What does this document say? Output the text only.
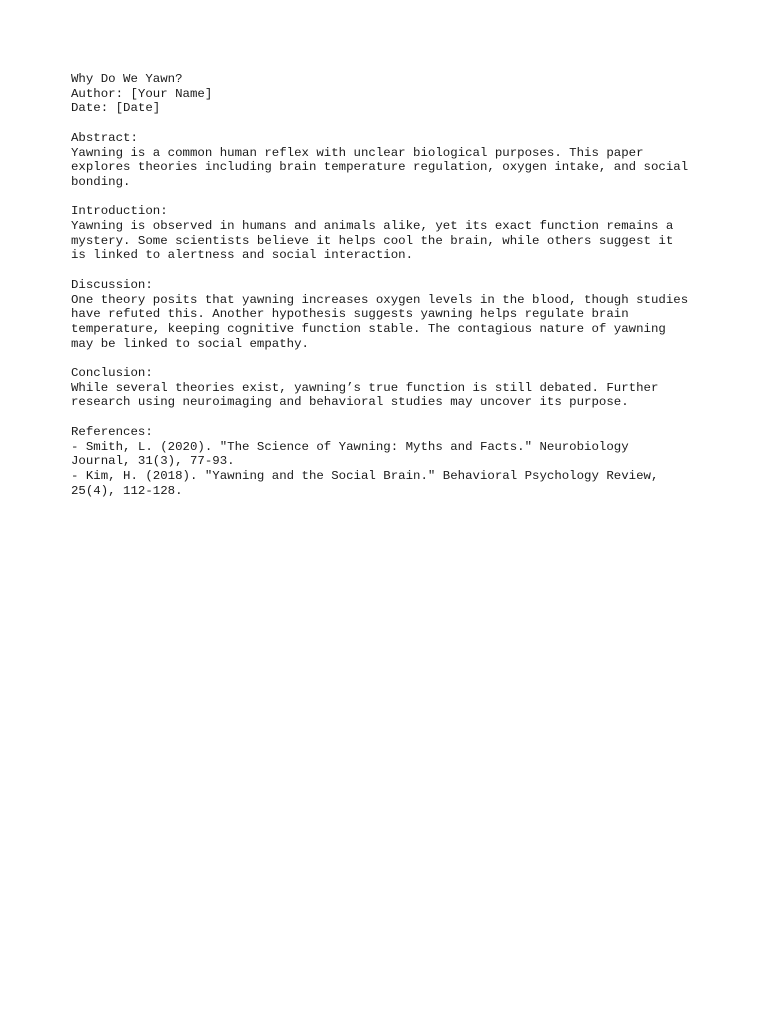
Why Do We Yawn?
Author: [Your Name]
Date: [Date]
Abstract:
Yawning is a common human reflex with unclear biological purposes. This paper
explores theories including brain temperature regulation, oxygen intake, and social
bonding.
Introduction:
Yawning is observed in humans and animals alike, yet its exact function remains a
mystery. Some scientists believe it helps cool the brain, while others suggest it
is linked to alertness and social interaction.
Discussion:
One theory posits that yawning increases oxygen levels in the blood, though studies
have refuted this. Another hypothesis suggests yawning helps regulate brain
temperature, keeping cognitive function stable. The contagious nature of yawning
may be linked to social empathy.
Conclusion:
While several theories exist, yawning’s true function is still debated. Further
research using neuroimaging and behavioral studies may uncover its purpose.
References:
- Smith, L. (2020). "The Science of Yawning: Myths and Facts." Neurobiology
Journal, 31(3), 77-93.
- Kim, H. (2018). "Yawning and the Social Brain." Behavioral Psychology Review,
25(4), 112-128.
